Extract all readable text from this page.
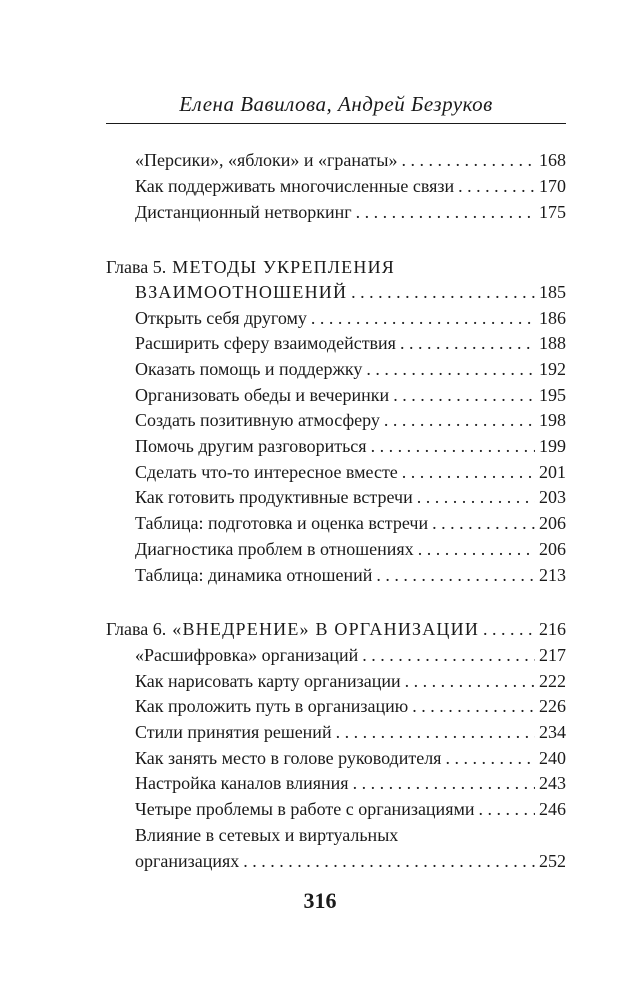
Елена Вавилова, Андрей Безруков
«Персики», «яблоки» и «гранаты» . . .	168
Как поддерживать многочисленные связи . . .	170
Дистанционный нетворкинг . . .	175
Глава 5. МЕТОДЫ УКРЕПЛЕНИЯ
ВЗАИМООТНОШЕНИЙ . . .	185
Открыть себя другому . . .	186
Расширить сферу взаимодействия . . .	188
Оказать помощь и поддержку . . .	192
Организовать обеды и вечеринки . . .	195
Создать позитивную атмосферу . . .	198
Помочь другим разговориться . . .	199
Сделать что-то интересное вместе . . .	201
Как готовить продуктивные встречи . . .	203
Таблица: подготовка и оценка встречи . . .	206
Диагностика проблем в отношениях . . .	206
Таблица: динамика отношений . . .	213
Глава 6. «ВНЕДРЕНИЕ» В ОРГАНИЗАЦИИ . . .	216
«Расшифровка» организаций . . .	217
Как нарисовать карту организации . . .	222
Как проложить путь в организацию . . .	226
Стили принятия решений . . .	234
Как занять место в голове руководителя . . .	240
Настройка каналов влияния . . .	243
Четыре проблемы в работе с организациями . . .	246
Влияние в сетевых и виртуальных
организациях . . .	252
316
